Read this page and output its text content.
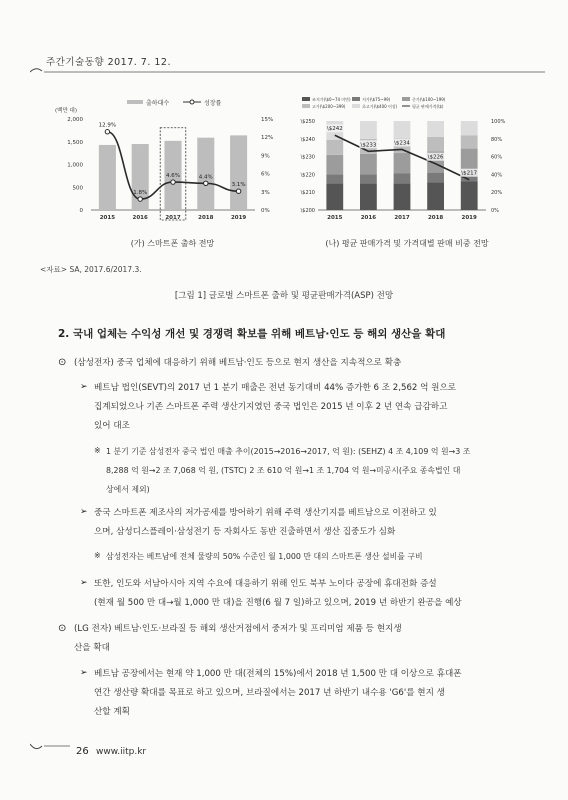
주간기술동향 2017. 7. 12.
출하대수	성장률
(백만 대)
2,000
1,500
1,000
500
0
15%
12%
9%
6%
3%
0%
2015	2016	2017	2018	2019
12.9%
1.8%
4.6%	4.4%
3.1%
(가) 스마트폰 출하 전망
조저가(\$0~74 미만)	저가(\$75~99)	중가(\$100~199)
고가(\$200~399)	초고가(\$400 이상)	평균 판매가격(\$)
\$250
\$240
\$230
\$220
\$210
\$200
100%
80%
60%
40%
20%
0%
2015	2016	2017	2018	2019
\$242
\$233	\$234
\$226
\$217
(나) 평균 판매가격 및 가격대별 판매 비중 전망
<자료> SA, 2017.6/2017.3.
[그림 1] 글로벌 스마트폰 출하 및 평균판매가격(ASP) 전망
2. 국내 업체는 수익성 개선 및 경쟁력 확보를 위해 베트남·인도 등 해외 생산을 확대
⊙ (삼성전자) 중국 업체에 대응하기 위해 베트남·인도 등으로 현지 생산을 지속적으로 확충
➢ 베트남 법인(SEVT)의 2017 년 1 분기 매출은 전년 동기대비 44% 증가한 6 조 2,562 억 원으로
집계되었으나 기존 스마트폰 주력 생산기지였던 중국 법인은 2015 년 이후 2 년 연속 급감하고
있어 대조
※ 1 분기 기준 삼성전자 중국 법인 매출 추이(2015→2016→2017, 억 원): (SEHZ) 4 조 4,109 억 원→3 조
8,288 억 원→2 조 7,068 억 원, (TSTC) 2 조 610 억 원→1 조 1,704 억 원→미공시(주요 종속법인 대
상에서 제외)
➢ 중국 스마트폰 제조사의 저가공세를 방어하기 위해 주력 생산기지를 베트남으로 이전하고 있
으며, 삼성디스플레이·삼성전기 등 자회사도 동반 진출하면서 생산 집중도가 심화
※ 삼성전자는 베트남에 전체 물량의 50% 수준인 월 1,000 만 대의 스마트폰 생산 설비를 구비
➢ 또한, 인도와 서남아시아 지역 수요에 대응하기 위해 인도 북부 노이다 공장에 휴대전화 증설
(현재 월 500 만 대→월 1,000 만 대)을 진행(6 월 7 일)하고 있으며, 2019 년 하반기 완공을 예상
⊙ (LG 전자) 베트남·인도·브라질 등 해외 생산거점에서 중저가 및 프리미엄 제품 등 현지생
산을 확대
➢ 베트남 공장에서는 현재 약 1,000 만 대(전체의 15%)에서 2018 년 1,500 만 대 이상으로 휴대폰
연간 생산량 확대를 목표로 하고 있으며, 브라질에서는 2017 년 하반기 내수용 'G6'를 현지 생
산할 계획
26 www.iitp.kr
